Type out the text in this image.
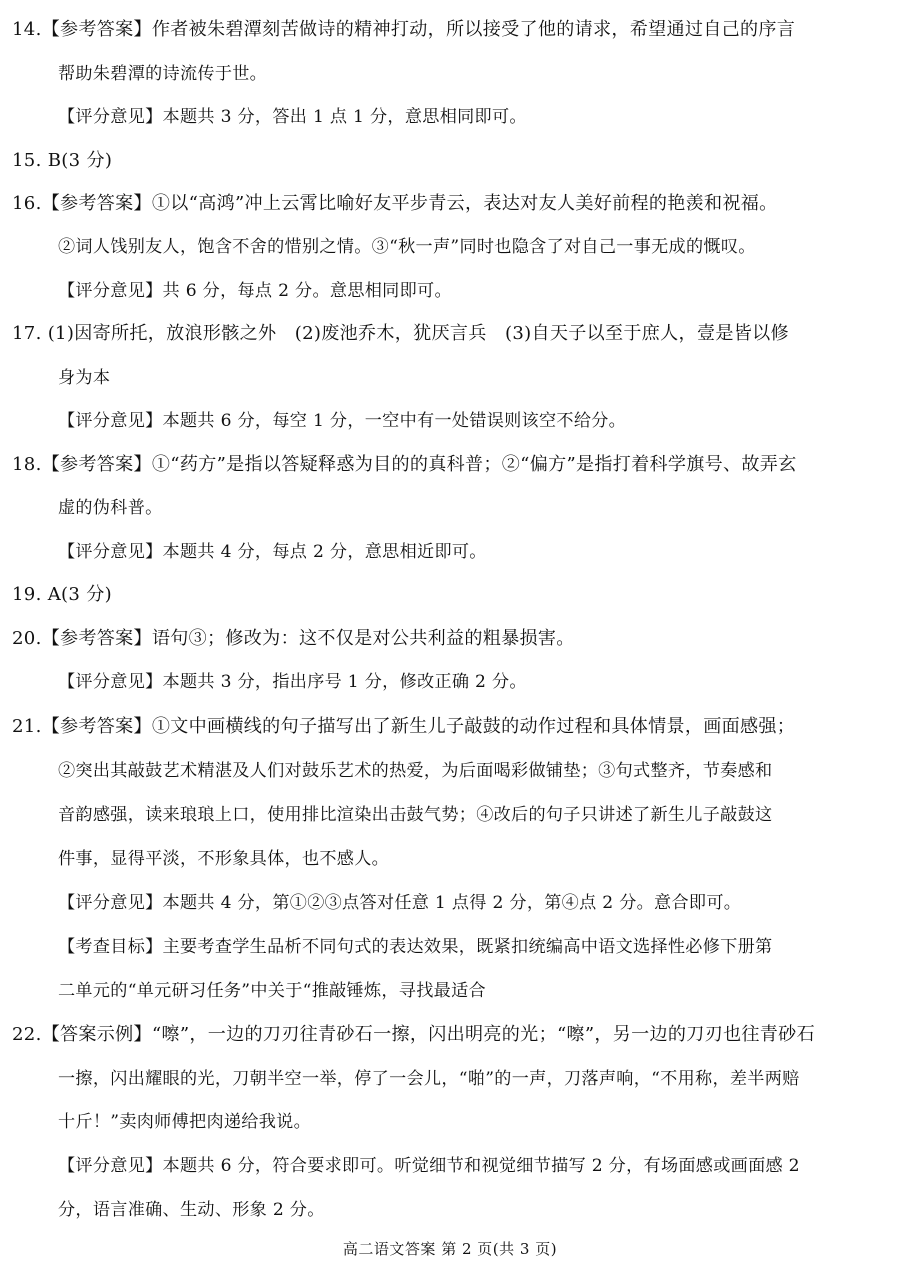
14.【参考答案】作者被朱碧潭刻苦做诗的精神打动，所以接受了他的请求，希望通过自己的序言
帮助朱碧潭的诗流传于世。
【评分意见】本题共 3 分，答出 1 点 1 分，意思相同即可。
15. B(3 分)
16.【参考答案】①以“高鸿”冲上云霄比喻好友平步青云，表达对友人美好前程的艳羡和祝福。
②词人饯别友人，饱含不舍的惜别之情。③“秋一声”同时也隐含了对自己一事无成的慨叹。
【评分意见】共 6 分，每点 2 分。意思相同即可。
17. (1)因寄所托，放浪形骸之外　(2)废池乔木，犹厌言兵　(3)自天子以至于庶人，壹是皆以修
身为本
【评分意见】本题共 6 分，每空 1 分，一空中有一处错误则该空不给分。
18.【参考答案】①“药方”是指以答疑释惑为目的的真科普；②“偏方”是指打着科学旗号、故弄玄
虚的伪科普。
【评分意见】本题共 4 分，每点 2 分，意思相近即可。
19. A(3 分)
20.【参考答案】语句③；修改为：这不仅是对公共利益的粗暴损害。
【评分意见】本题共 3 分，指出序号 1 分，修改正确 2 分。
21.【参考答案】①文中画横线的句子描写出了新生儿子敲鼓的动作过程和具体情景，画面感强；
②突出其敲鼓艺术精湛及人们对鼓乐艺术的热爱，为后面喝彩做铺垫；③句式整齐，节奏感和
音韵感强，读来琅琅上口，使用排比渲染出击鼓气势；④改后的句子只讲述了新生儿子敲鼓这
件事，显得平淡，不形象具体，也不感人。
【评分意见】本题共 4 分，第①②③点答对任意 1 点得 2 分，第④点 2 分。意合即可。
【考查目标】主要考查学生品析不同句式的表达效果，既紧扣统编高中语文选择性必修下册第
二单元的“单元研习任务”中关于“推敲锤炼，寻找最适合
22.【答案示例】“嚓”，一边的刀刃往青砂石一擦，闪出明亮的光；“嚓”，另一边的刀刃也往青砂石
一擦，闪出耀眼的光，刀朝半空一举，停了一会儿，“啪”的一声，刀落声响，“不用称，差半两赔
十斤！”卖肉师傅把肉递给我说。
【评分意见】本题共 6 分，符合要求即可。听觉细节和视觉细节描写 2 分，有场面感或画面感 2
分，语言准确、生动、形象 2 分。
高二语文答案 第 2 页(共 3 页)
